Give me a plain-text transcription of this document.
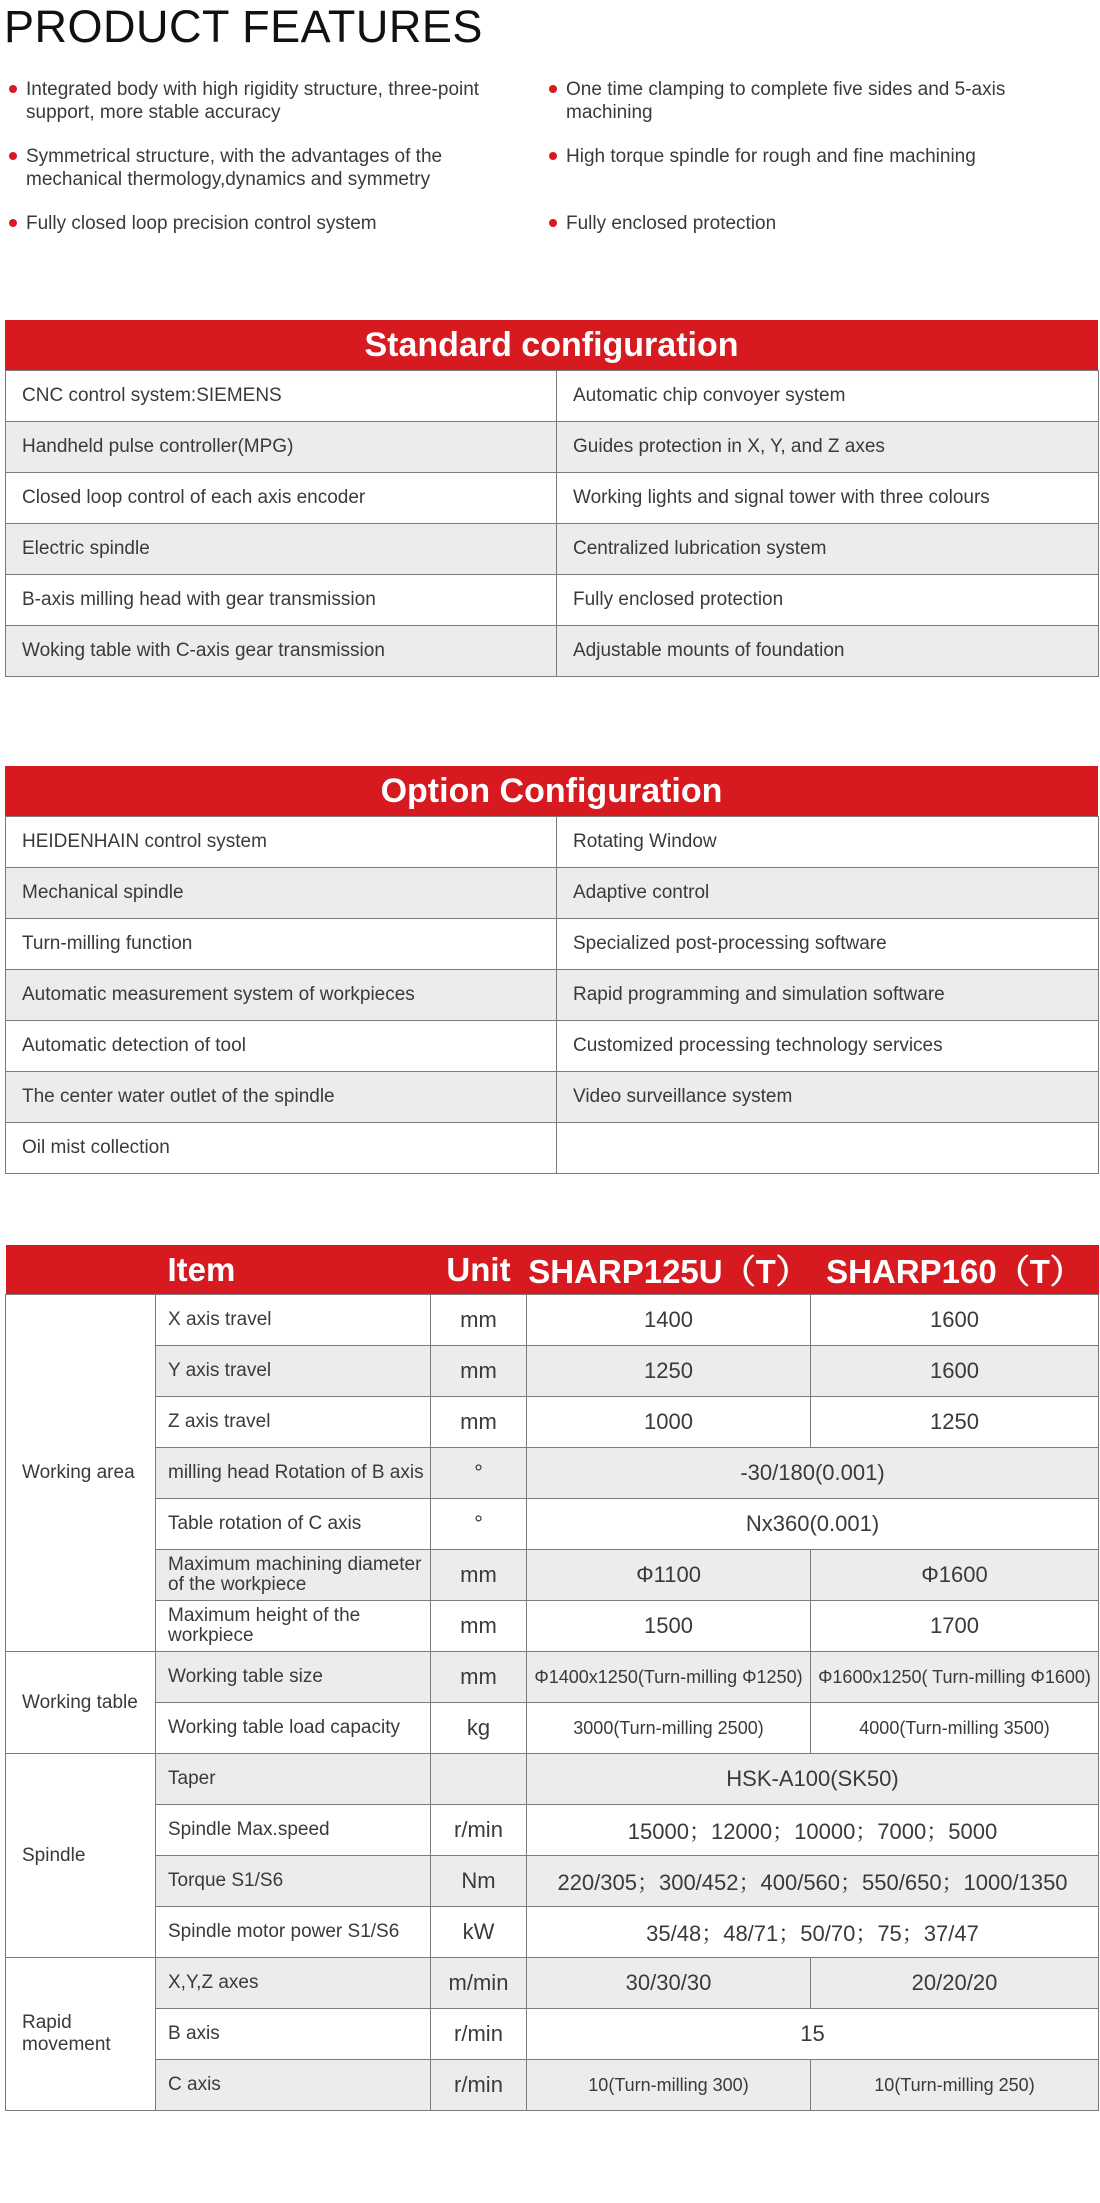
PRODUCT FEATURES
Integrated body with high rigidity structure, three-point support, more stable accuracy
Symmetrical structure, with the advantages of the mechanical thermology,dynamics and symmetry
Fully closed loop precision control system
One time clamping to complete five sides and 5-axis machining
High torque spindle for rough and fine machining
Fully enclosed protection
Standard configuration
CNC control system:SIEMENS	Automatic chip convoyer system
Handheld pulse controller(MPG)	Guides protection in X, Y, and Z axes
Closed loop control of each axis encoder	Working lights and signal tower with three colours
Electric spindle	Centralized lubrication system
B-axis milling head with gear transmission	Fully enclosed protection
Woking table with C-axis gear transmission	Adjustable mounts of foundation
Option Configuration
HEIDENHAIN control system	Rotating Window
Mechanical spindle	Adaptive control
Turn-milling function	Specialized post-processing software
Automatic measurement system of workpieces	Rapid programming and simulation software
Automatic detection of tool	Customized processing technology services
The center water outlet of the spindle	Video surveillance system
Oil mist collection	
	Item	Unit	SHARP125U（T）	SHARP160（T）
Working area	X axis travel	mm	1400	1600
	Y axis travel	mm	1250	1600
	Z axis travel	mm	1000	1250
	milling head Rotation of B axis	°	-30/180(0.001)	
	Table rotation of C axis	°	Nx360(0.001)	
	Maximum machining diameter of the workpiece	mm	Φ1100	Φ1600
	Maximum height of the workpiece	mm	1500	1700
Working table	Working table size	mm	Φ1400x1250(Turn-milling Φ1250)	Φ1600x1250( Turn-milling Φ1600)
	Working table load capacity	kg	3000(Turn-milling 2500)	4000(Turn-milling 3500)
Spindle	Taper		HSK-A100(SK50)	
	Spindle Max.speed	r/min	15000；12000；10000；7000；5000	
	Torque S1/S6	Nm	220/305；300/452；400/560；550/650；1000/1350	
	Spindle motor power S1/S6	kW	35/48；48/71；50/70；75；37/47	
Rapid movement	X,Y,Z axes	m/min	30/30/30	20/20/20
	B axis	r/min	15	
	C axis	r/min	10(Turn-milling 300)	10(Turn-milling 250)
